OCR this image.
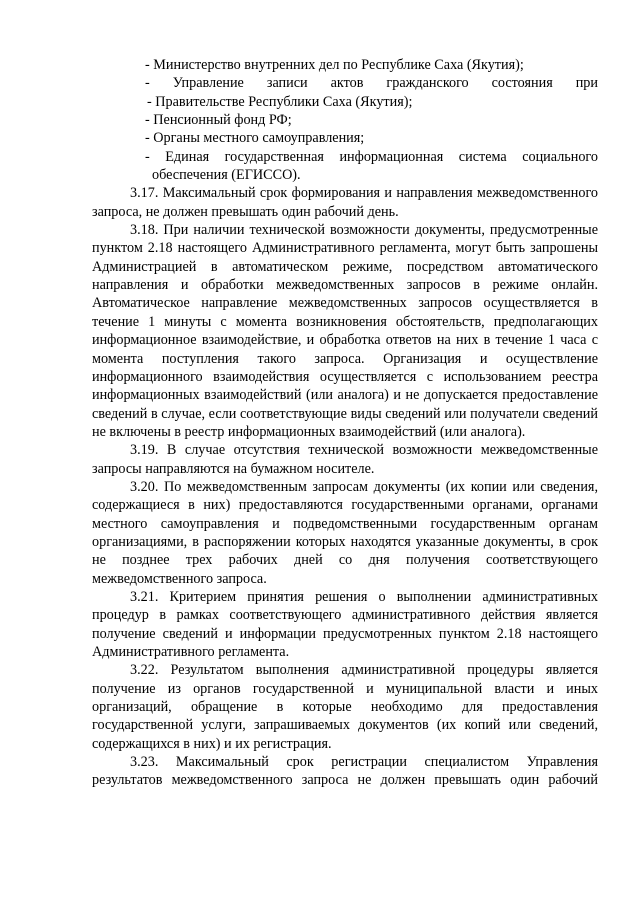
- Министерство внутренних дел по Республике Саха (Якутия);
- Управление записи актов гражданского состояния при
- Правительстве Республики Саха (Якутия);
- Пенсионный фонд РФ;
- Органы местного самоуправления;
- Единая государственная информационная система социального
обеспечения (ЕГИССО).
3.17. Максимальный срок формирования и направления межведомственного запроса, не должен превышать один рабочий день.
3.18. При наличии технической возможности документы, предусмотренные пунктом 2.18 настоящего Административного регламента, могут быть запрошены Администрацией в автоматическом режиме, посредством автоматического направления и обработки межведомственных запросов в режиме онлайн. Автоматическое направление межведомственных запросов осуществляется в течение 1 минуты с момента возникновения обстоятельств, предполагающих информационное взаимодействие, и обработка ответов на них в течение 1 часа с момента поступления такого запроса. Организация и осуществление информационного взаимодействия осуществляется с использованием реестра информационных взаимодействий (или аналога) и не допускается предоставление сведений в случае, если соответствующие виды сведений или получатели сведений не включены в реестр информационных взаимодействий (или аналога).
3.19. В случае отсутствия технической возможности межведомственные запросы направляются на бумажном носителе.
3.20. По межведомственным запросам документы (их копии или сведения, содержащиеся в них) предоставляются государственными органами, органами местного самоуправления и подведомственными государственным органам организациями, в распоряжении которых находятся указанные документы, в срок не позднее трех рабочих дней со дня получения соответствующего межведомственного запроса.
3.21. Критерием принятия решения о выполнении административных процедур в рамках соответствующего административного действия является получение сведений и информации предусмотренных пунктом 2.18 настоящего Административного регламента.
3.22. Результатом выполнения административной процедуры является получение из органов государственной и муниципальной власти и иных организаций, обращение в которые необходимо для предоставления государственной услуги, запрашиваемых документов (их копий или сведений, содержащихся в них) и их регистрация.
3.23. Максимальный срок регистрации специалистом Управления результатов межведомственного запроса не должен превышать один рабочий
